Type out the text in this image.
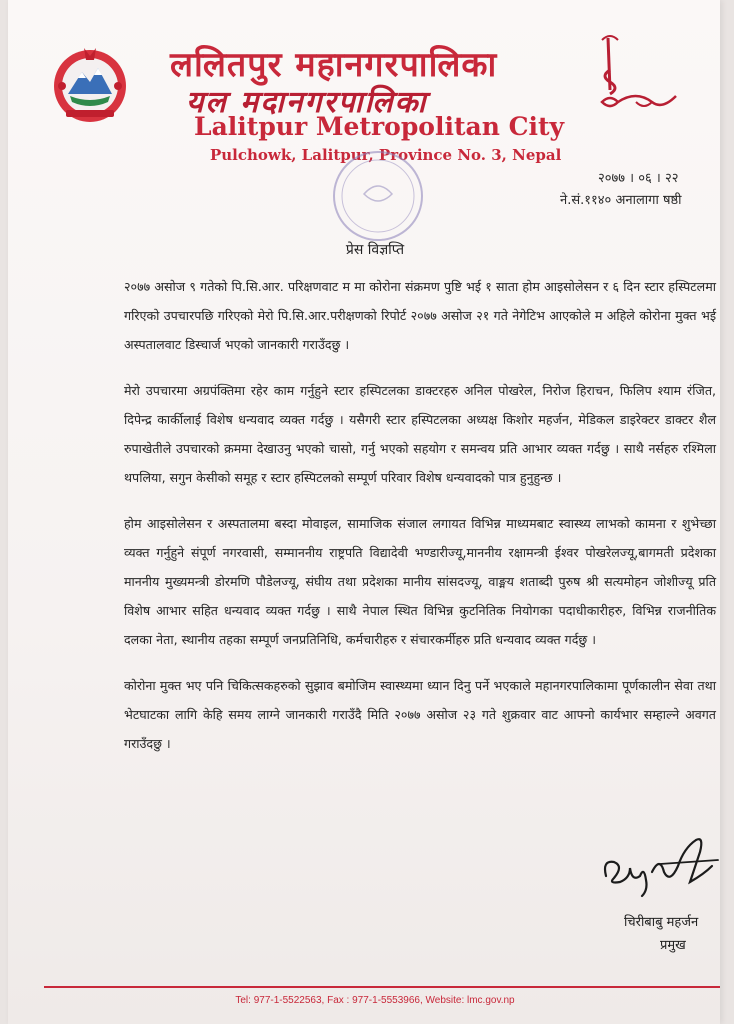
ललितपुर महानगरपालिका
यल मदानगरपालिका
Lalitpur Metropolitan City
Pulchowk, Lalitpur, Province No. 3, Nepal
२०७७ । ०६ । २२
ने.सं.११४० अनालागा षष्ठी
प्रेस विज्ञप्ति

२०७७ असोज ९ गतेको पि.सि.आर. परिक्षणवाट म मा कोरोना संक्रमण पुष्टि भई १ साता होम आइसोलेसन र ६ दिन स्टार हस्पिटलमा गरिएको उपचारपछि गरिएको मेरो पि.सि.आर.परीक्षणको रिपोर्ट २०७७ असोज २१ गते नेगेटिभ आएकोले म अहिले कोरोना मुक्त भई अस्पतालवाट डिस्चार्ज भएको जानकारी गराउँदछु ।

मेरो उपचारमा अग्रपंक्तिमा रहेर काम गर्नुहुने स्टार हस्पिटलका डाक्टरहरु अनिल पोखरेल, निरोज हिराचन, फिलिप श्याम रंजित, दिपेन्द्र कार्कीलाई विशेष धन्यवाद व्यक्त गर्दछु । यसैगरी स्टार हस्पिटलका अध्यक्ष किशोर महर्जन, मेडिकल डाइरेक्टर डाक्टर शैल रुपाखेतीले उपचारको क्रममा देखाउनु भएको चासो, गर्नु भएको सहयोग र समन्वय प्रति आभार व्यक्त गर्दछु । साथै नर्सहरु रश्मिला थपलिया, सगुन केसीको समूह र स्टार हस्पिटलको सम्पूर्ण परिवार विशेष धन्यवादको पात्र हुनुहुन्छ ।

होम आइसोलेसन र अस्पतालमा बस्दा मोवाइल, सामाजिक संजाल लगायत विभिन्न माध्यमबाट स्वास्थ्य लाभको कामना र शुभेच्छा व्यक्त गर्नुहुने संपूर्ण नगरवासी, सम्माननीय राष्ट्रपति विद्यादेवी भण्डारीज्यू,माननीय रक्षामन्त्री ईश्वर पोखरेलज्यू,बागमती प्रदेशका माननीय मुख्यमन्त्री डोरमणि पौडेलज्यू, संघीय तथा प्रदेशका मानीय सांसदज्यू, वाङ्मय शताब्दी पुरुष श्री सत्यमोहन जोशीज्यू प्रति विशेष आभार सहित धन्यवाद व्यक्त गर्दछु । साथै नेपाल स्थित विभिन्न कुटनितिक नियोगका पदाधीकारीहरु, विभिन्न राजनीतिक दलका नेता, स्थानीय तहका सम्पूर्ण जनप्रतिनिधि, कर्मचारीहरु र संचारकर्मीहरु प्रति धन्यवाद व्यक्त गर्दछु ।

कोरोना मुक्त भए पनि चिकित्सकहरुको सुझाव बमोजिम स्वास्थ्यमा ध्यान दिनु पर्ने भएकाले महानगरपालिकामा पूर्णकालीन सेवा तथा भेटघाटका लागि केहि समय लाग्ने जानकारी गराउँदै मिति २०७७ असोज २३ गते शुक्रवार वाट आफ्नो कार्यभार सम्हाल्ने अवगत गराउँदछु ।

चिरीबाबु महर्जन
प्रमुख
Tel: 977-1-5522563, Fax : 977-1-5553966, Website: lmc.gov.np
